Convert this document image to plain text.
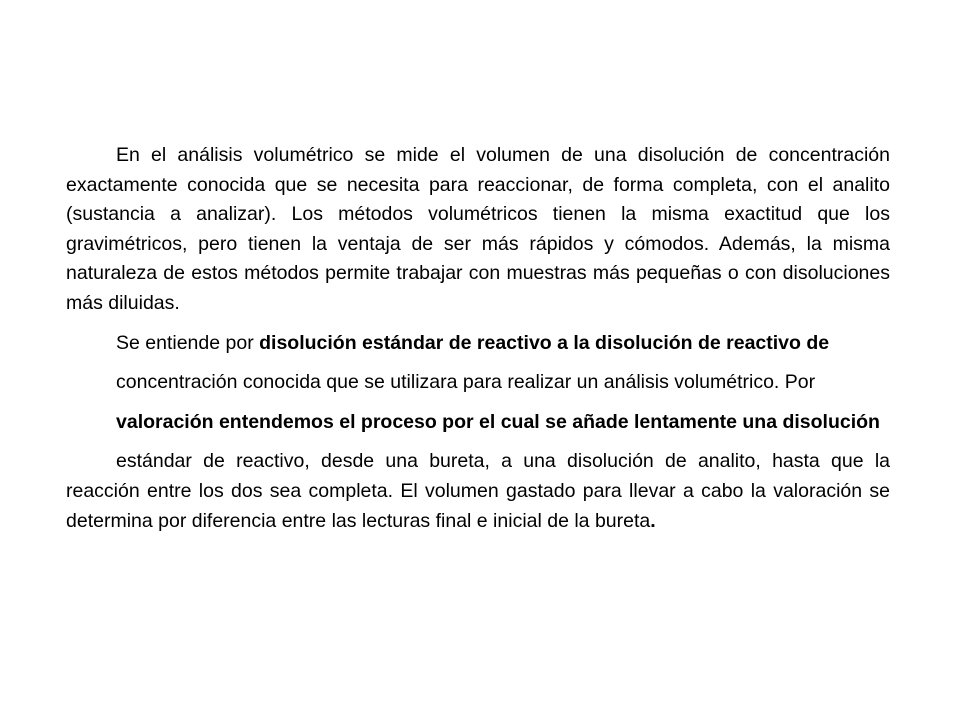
En el análisis volumétrico se mide el volumen de una disolución de concentración exactamente conocida que se necesita para reaccionar, de forma completa, con el analito (sustancia a analizar). Los métodos volumétricos tienen la misma exactitud que los gravimétricos, pero tienen la ventaja de ser más rápidos y cómodos. Además, la misma naturaleza de estos métodos permite trabajar con muestras más pequeñas o con disoluciones más diluidas.

Se entiende por disolución estándar de reactivo a la disolución de reactivo de

concentración conocida que se utilizara para realizar un análisis volumétrico. Por

valoración entendemos el proceso por el cual se añade lentamente una disolución

estándar de reactivo, desde una bureta, a una disolución de analito, hasta que la reacción entre los dos sea completa. El volumen gastado para llevar a cabo la valoración se determina por diferencia entre las lecturas final e inicial de la bureta.
